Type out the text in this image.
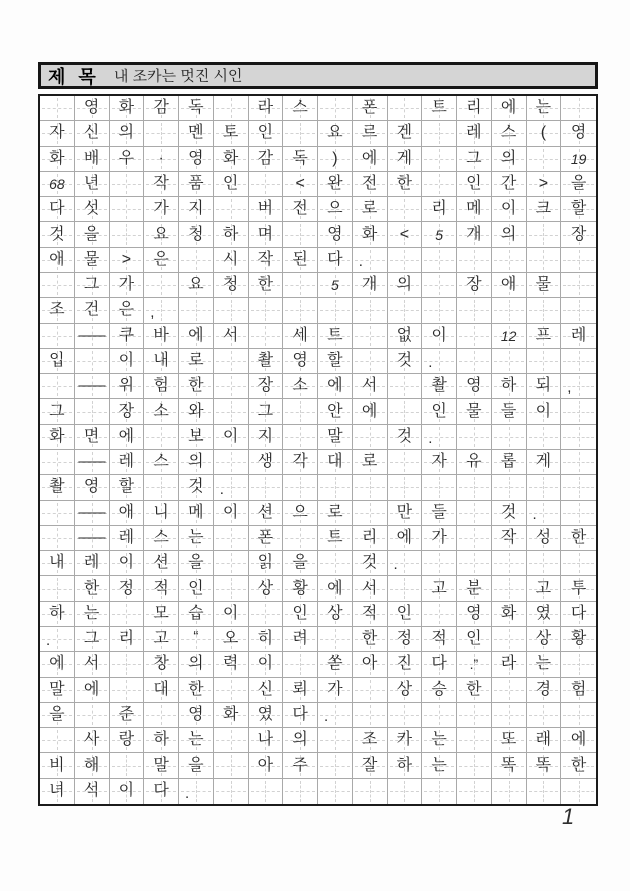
제 목 내 조카는 멋진 시인
영 화 감 독	라 스	폰	트 리 에 는
자 신 의	멘 토 인	요 르 겐	레 스 ( 영
화 배 우 · 영 화 감 독 ) 에 게	그 의	19
68 년	작 품 인	< 완 전 한	인 간 > 을
다 섯	가 지	버 전 으 로	리 메 이 크 할
것 을	요 청 하 며	영 화 < 5 개 의	장
애 물 > 은	시 작 된 다	.
그 가	요 청 한	5 개 의	장 애 물
조 건 은	,
— 쿠 바 에 서	세 트	없 이	12 프 레
입	이 내 로	촬 영 할	것	.
— 위 험 한	장 소 에 서	촬 영 하 되	,
그	장 소 와	그	안 에	인 물 들 이
화 면 에	보 이 지	말	것	.
— 레 스 의	생 각 대 로	자 유 롭 게
촬 영 할	것	.
— 애 니 메 이 션 으 로	만 들	것	.
— 레 스 는	폰	트 리 에 가	작 성 한
내 레 이 션 을	읽 을	것	.
한 정 적 인	상 황 에 서	고 분	고 투
하 는	모 습 이	인 상 적 인	영 화 였 다
. 그 리 고 “ 오 히 려	한 정 적 인	상 황
에 서	창 의 력 이	쏟 아 진 다 .” 라 는
말 에	대 한	신 뢰 가	상 승 한	경 험
을	준	영 화 였 다	.
사 랑 하 는	나 의	조 카 는	또 래 에
비 해	말 을	아 주	잘 하 는	똑 똑 한
녀 석 이 다	.
1
